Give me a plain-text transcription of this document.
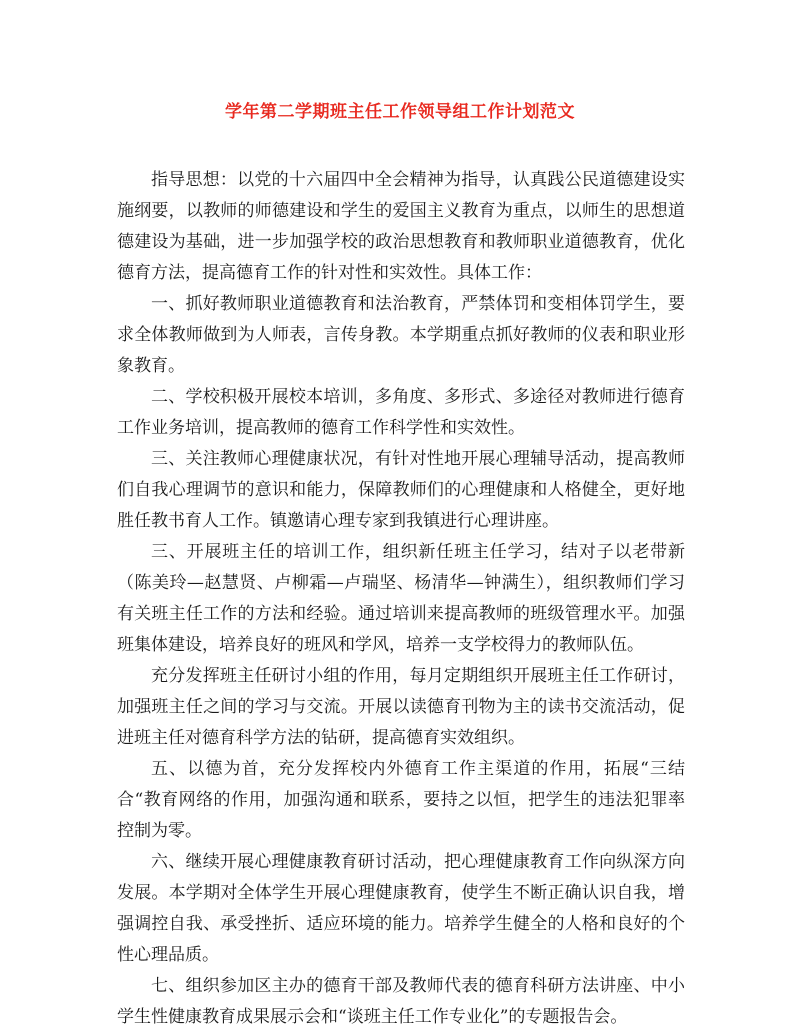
学年第二学期班主任工作领导组工作计划范文

指导思想：以党的十六届四中全会精神为指导，认真践公民道德建设实施纲要，以教师的师德建设和学生的爱国主义教育为重点，以师生的思想道德建设为基础，进一步加强学校的政治思想教育和教师职业道德教育，优化德育方法，提高德育工作的针对性和实效性。具体工作：

一、抓好教师职业道德教育和法治教育，严禁体罚和变相体罚学生，要求全体教师做到为人师表，言传身教。本学期重点抓好教师的仪表和职业形象教育。

二、学校积极开展校本培训，多角度、多形式、多途径对教师进行德育工作业务培训，提高教师的德育工作科学性和实效性。

三、关注教师心理健康状况，有针对性地开展心理辅导活动，提高教师们自我心理调节的意识和能力，保障教师们的心理健康和人格健全，更好地胜任教书育人工作。镇邀请心理专家到我镇进行心理讲座。

三、开展班主任的培训工作，组织新任班主任学习，结对子以老带新（陈美玲—赵慧贤、卢柳霜—卢瑞坚、杨清华—钟满生），组织教师们学习有关班主任工作的方法和经验。通过培训来提高教师的班级管理水平。加强班集体建设，培养良好的班风和学风，培养一支学校得力的教师队伍。

充分发挥班主任研讨小组的作用，每月定期组织开展班主任工作研讨，加强班主任之间的学习与交流。开展以读德育刊物为主的读书交流活动，促进班主任对德育科学方法的钻研，提高德育实效组织。

五、以德为首，充分发挥校内外德育工作主渠道的作用，拓展“三结合“教育网络的作用，加强沟通和联系，要持之以恒，把学生的违法犯罪率控制为零。

六、继续开展心理健康教育研讨活动，把心理健康教育工作向纵深方向发展。本学期对全体学生开展心理健康教育，使学生不断正确认识自我，增强调控自我、承受挫折、适应环境的能力。培养学生健全的人格和良好的个性心理品质。

七、组织参加区主办的德育干部及教师代表的德育科研方法讲座、中小学生性健康教育成果展示会和“谈班主任工作专业化”的专题报告会。
